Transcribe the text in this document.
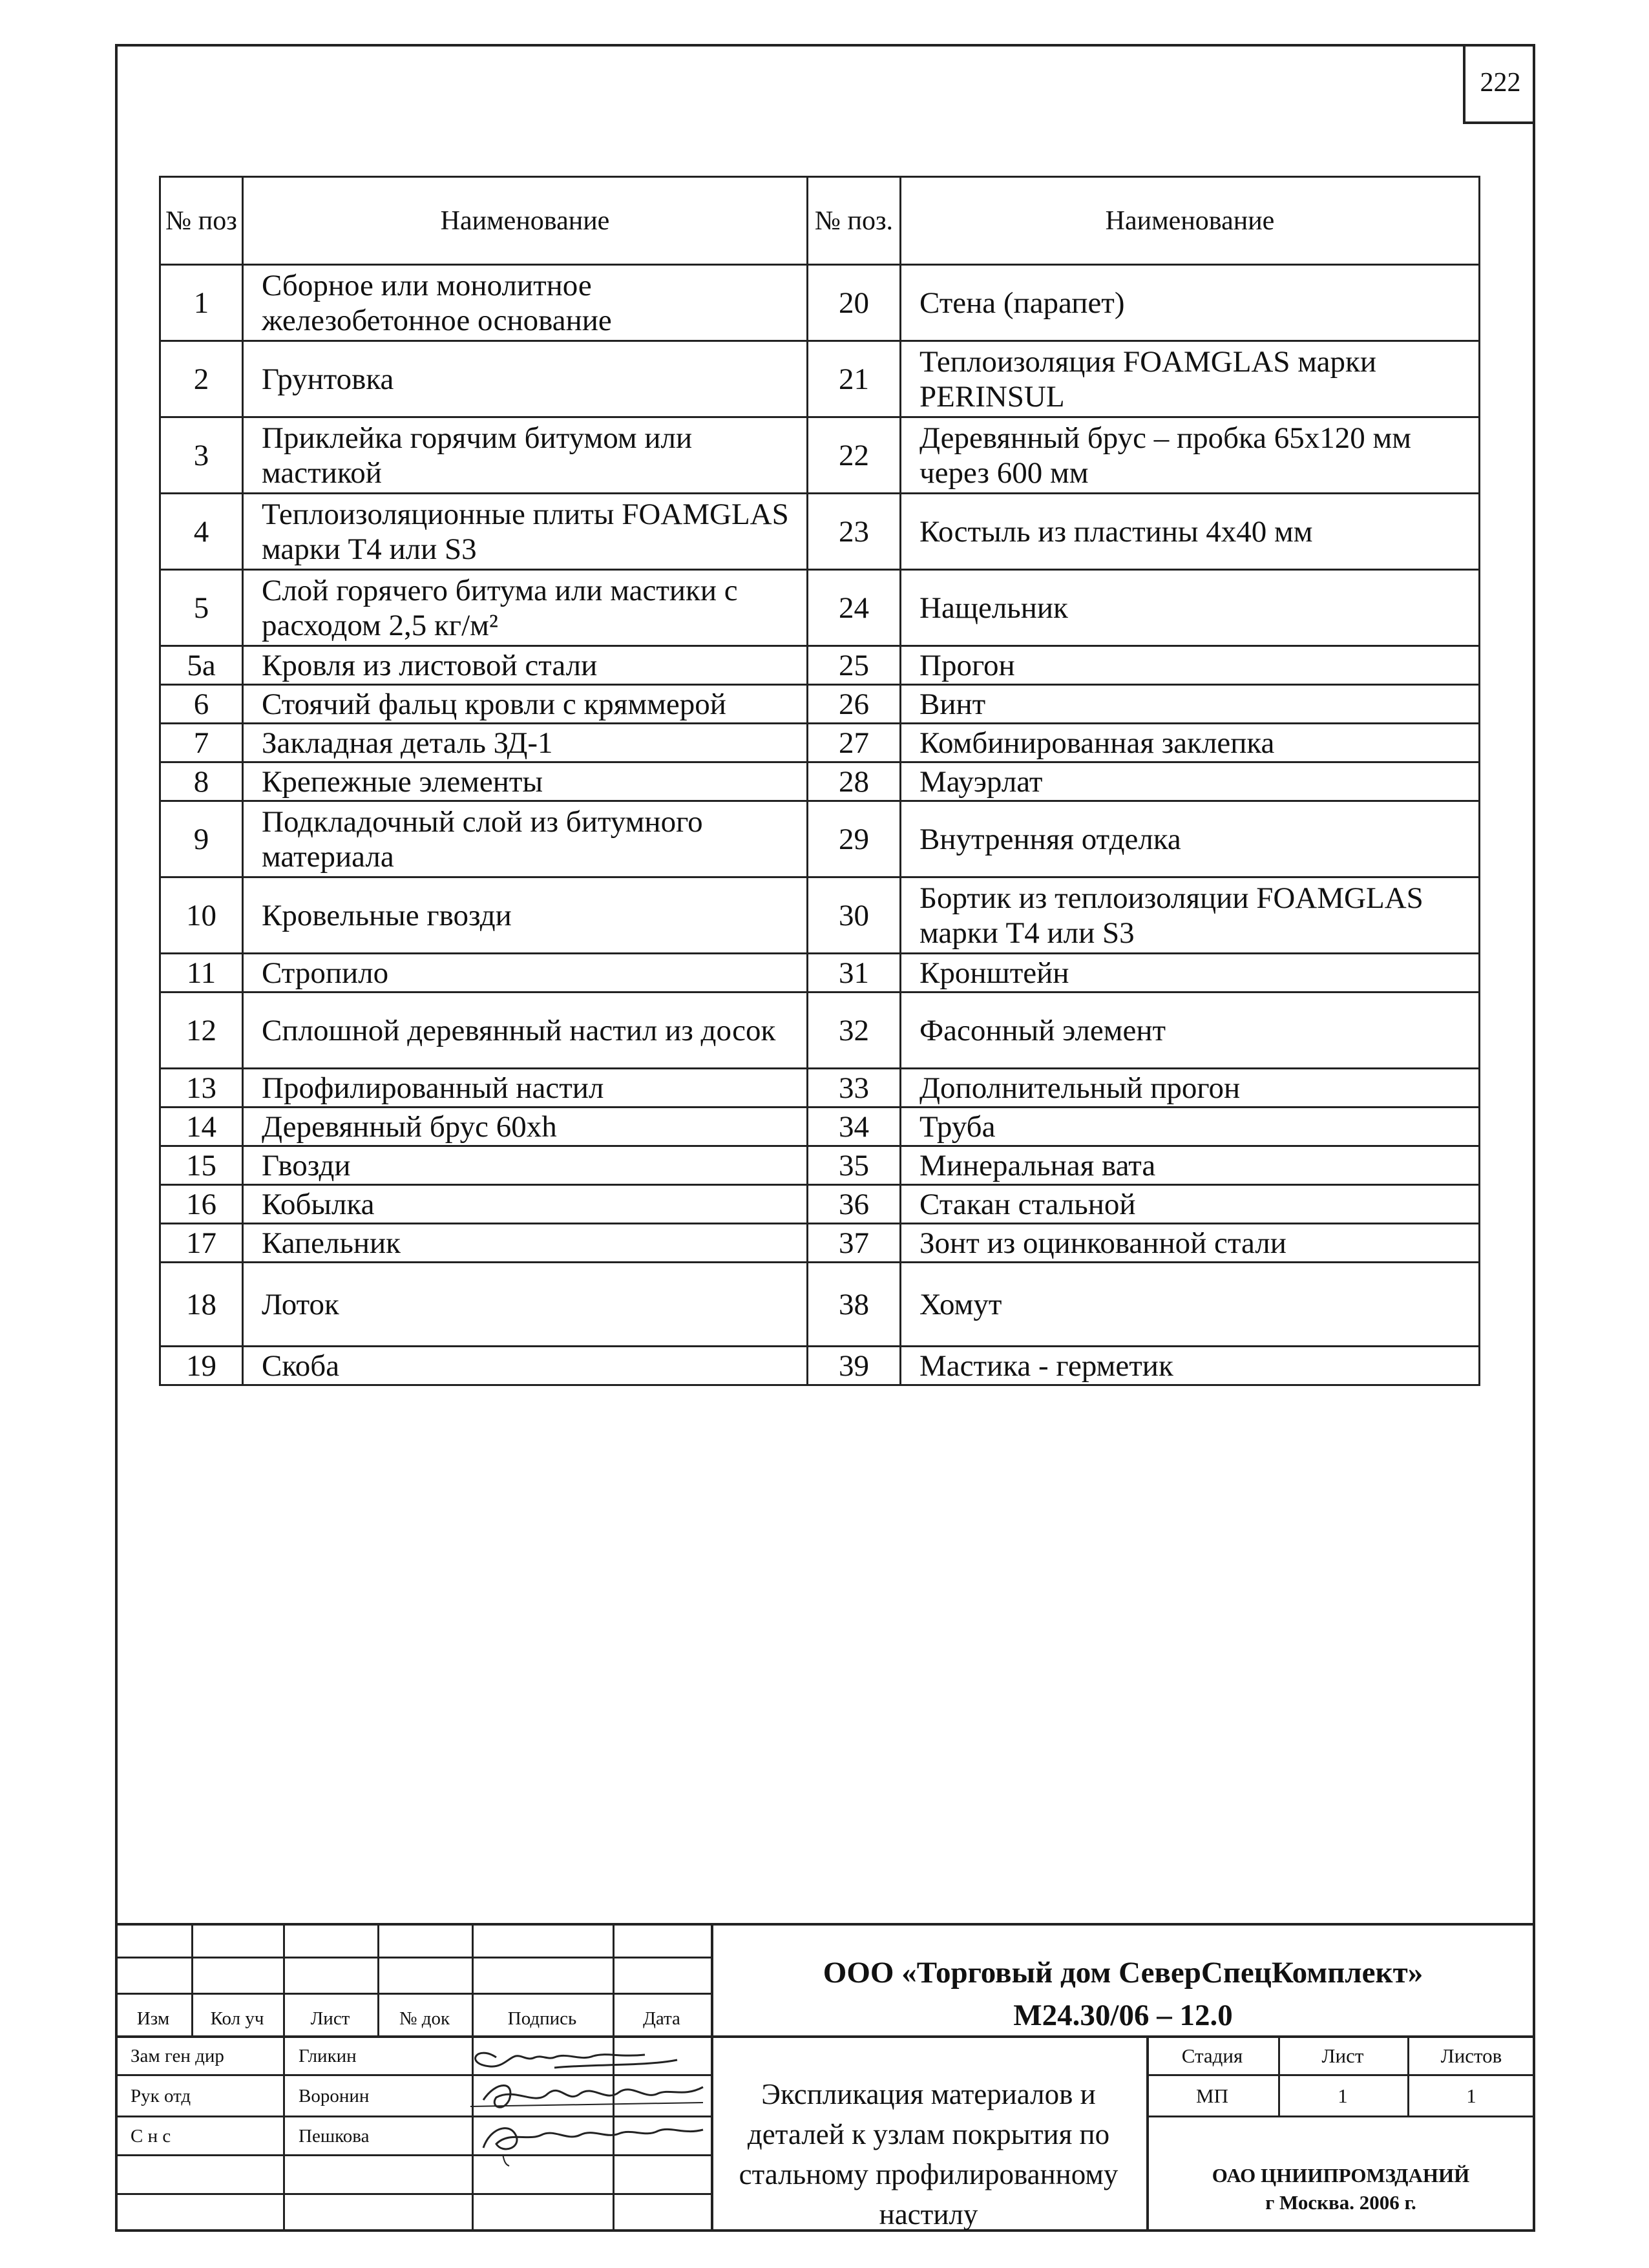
222
№ поз	Наименование	№ поз.	Наименование
1	Сборное или монолитное железобетонное основание	20	Стена (парапет)
2	Грунтовка	21	Теплоизоляция FOAMGLAS марки PERINSUL
3	Приклейка горячим битумом или мастикой	22	Деревянный брус – пробка 65х120 мм через 600 мм
4	Теплоизоляционные плиты FOAMGLAS марки T4 или S3	23	Костыль из пластины 4х40 мм
5	Слой горячего битума или мастики с расходом 2,5 кг/м²	24	Нащельник
5а	Кровля из листовой стали	25	Прогон
6	Стоячий фальц кровли с кряммерой	26	Винт
7	Закладная деталь ЗД-1	27	Комбинированная заклепка
8	Крепежные элементы	28	Мауэрлат
9	Подкладочный слой из битумного материала	29	Внутренняя отделка
10	Кровельные гвозди	30	Бортик из теплоизоляции FOAMGLAS марки T4 или S3
11	Стропило	31	Кронштейн
12	Сплошной деревянный настил из досок	32	Фасонный элемент
13	Профилированный настил	33	Дополнительный прогон
14	Деревянный брус 60хh	34	Труба
15	Гвозди	35	Минеральная вата
16	Кобылка	36	Стакан стальной
17	Капельник	37	Зонт из оцинкованной стали
18	Лоток	38	Хомут
19	Скоба	39	Мастика - герметик
Изм	Кол уч	Лист	№ док	Подпись	Дата
Зам ген дир	Гликин
Рук отд	Воронин
С н с	Пешкова
ООО «Торговый дом СеверСпецКомплект»
М24.30/06 – 12.0
Экспликация материалов и деталей к узлам покрытия по стальному профилированному настилу
Стадия	Лист	Листов
МП	1	1
ОАО ЦНИИПРОМЗДАНИЙ
г Москва. 2006 г.
